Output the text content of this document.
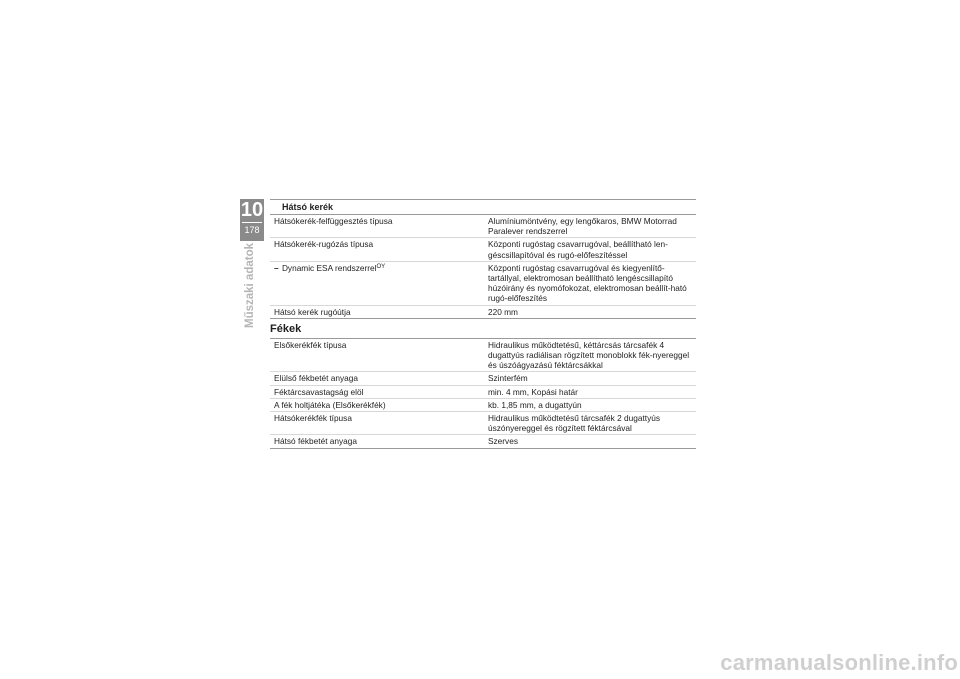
10
178
Műszaki adatok
Hátsó kerék
Hátsókerék-felfüggesztés típusa	Alumíniumöntvény, egy lengőkaros, BMW Motorrad Paralever rendszerrel
Hátsókerék-rugózás típusa	Központi rugóstag csavarrugóval, beállítható len-géscsillapítóval és rugó-előfeszítéssel
– Dynamic ESA rendszerrel$^{OY}$	Központi rugóstag csavarrugóval és kiegyenlítő-tartállyal, elektromosan beállítható lengéscsillapító húzóirány és nyomófokozat, elektromosan beállít-ható rugó-előfeszítés
Hátsó kerék rugóútja	220 mm
Fékek
Elsőkerékfék típusa	Hidraulikus működtetésű, kéttárcsás tárcsafék 4 dugattyús radiálisan rögzített monoblokk fék-nyereggel és úszóágyazású féktárcsákkal
Elülső fékbetét anyaga	Szinterfém
Féktárcsavastagság elöl	min. 4 mm, Kopási határ
A fék holtjátéka (Elsőkerékfék)	kb. 1,85 mm, a dugattyún
Hátsókerékfék típusa	Hidraulikus működtetésű tárcsafék 2 dugattyús úszónyereggel és rögzített féktárcsával
Hátsó fékbetét anyaga	Szerves
carmanualsonline.info
